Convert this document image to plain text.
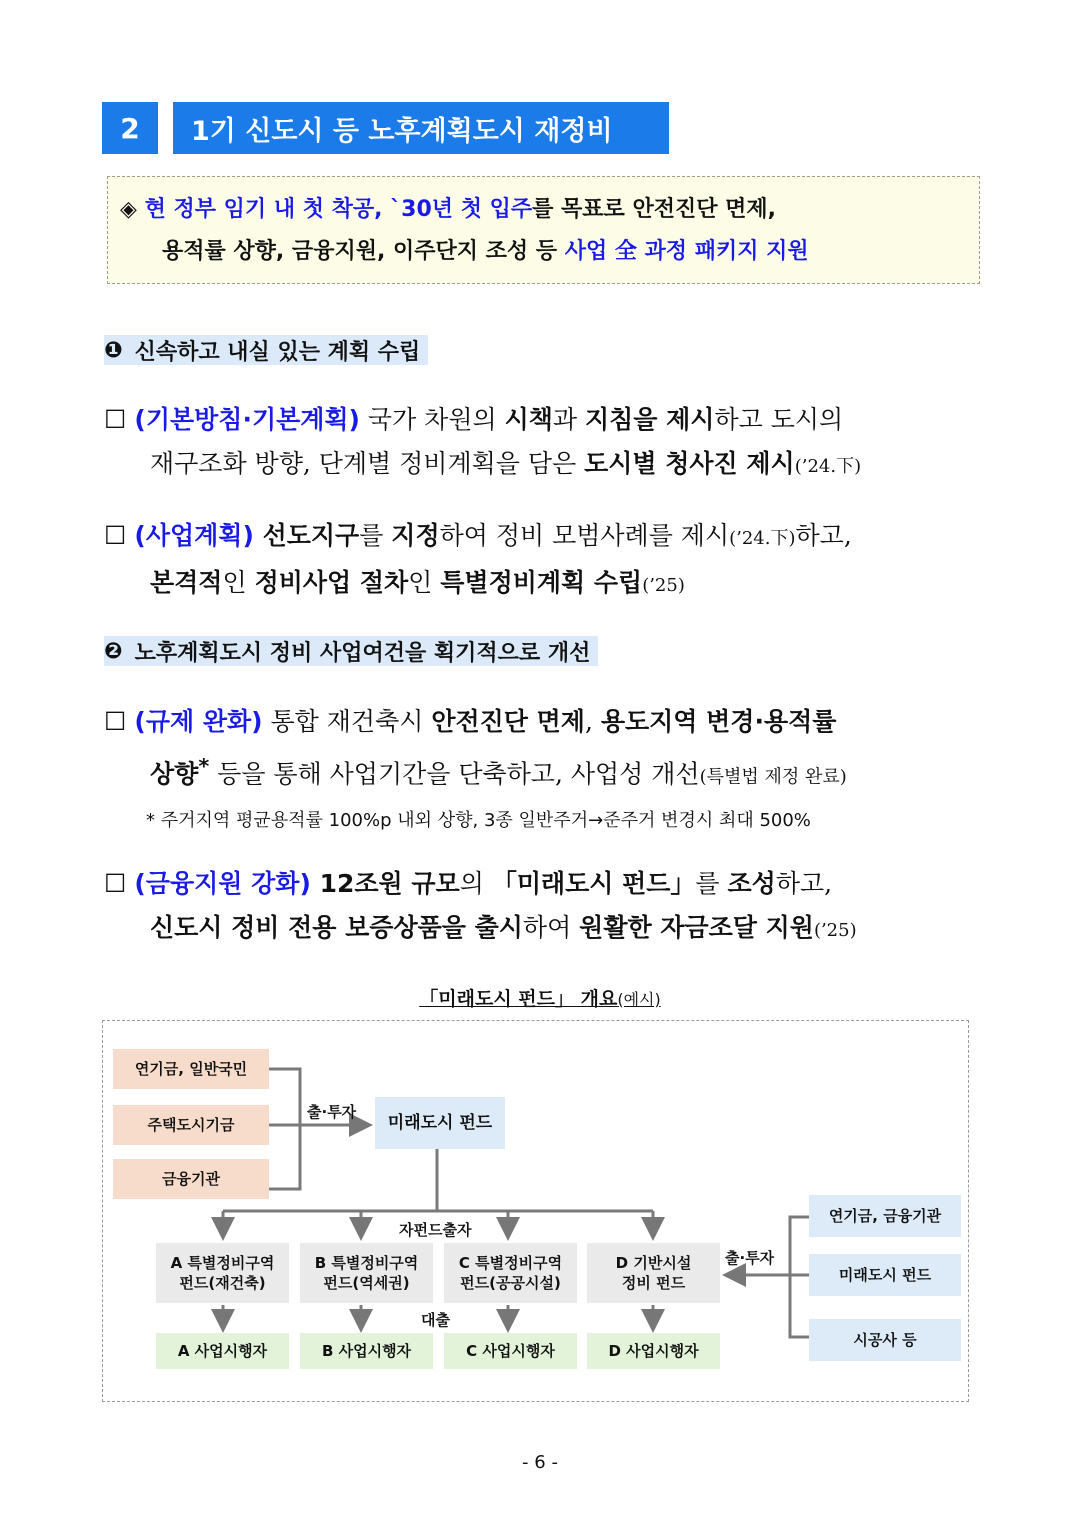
2	1기 신도시 등 노후계획도시 재정비
◈ 현 정부 임기 내 첫 착공, `30년 첫 입주를 목표로 안전진단 면제,
용적률 상향, 금융지원, 이주단지 조성 등 사업 全 과정 패키지 지원
❶ 신속하고 내실 있는 계획 수립
☐ (기본방침·기본계획) 국가 차원의 시책과 지침을 제시하고 도시의
재구조화 방향, 단계별 정비계획을 담은 도시별 청사진 제시(’24.下)
☐ (사업계획) 선도지구를 지정하여 정비 모범사례를 제시(’24.下)하고,
본격적인 정비사업 절차인 특별정비계획 수립(’25)
❷ 노후계획도시 정비 사업여건을 획기적으로 개선
☐ (규제 완화) 통합 재건축시 안전진단 면제, 용도지역 변경·용적률
상향* 등을 통해 사업기간을 단축하고, 사업성 개선(특별법 제정 완료)
* 주거지역 평균용적률 100%p 내외 상향, 3종 일반주거→준주거 변경시 최대 500%
☐ (금융지원 강화) 12조원 규모의 「미래도시 펀드」를 조성하고,
신도시 정비 전용 보증상품을 출시하여 원활한 자금조달 지원(’25)
「미래도시 펀드」 개요(예시)
연기금, 일반국민
주택도시기금
금융기관
출·투자
미래도시 펀드
자펀드출자
A 특별정비구역
펀드(재건축)
B 특별정비구역
펀드(역세권)
C 특별정비구역
펀드(공공시설)
D 기반시설
정비 펀드
대출
A 사업시행자	B 사업시행자	C 사업시행자	D 사업시행자
출·투자
연기금, 금융기관
미래도시 펀드
시공사 등
- 6 -
